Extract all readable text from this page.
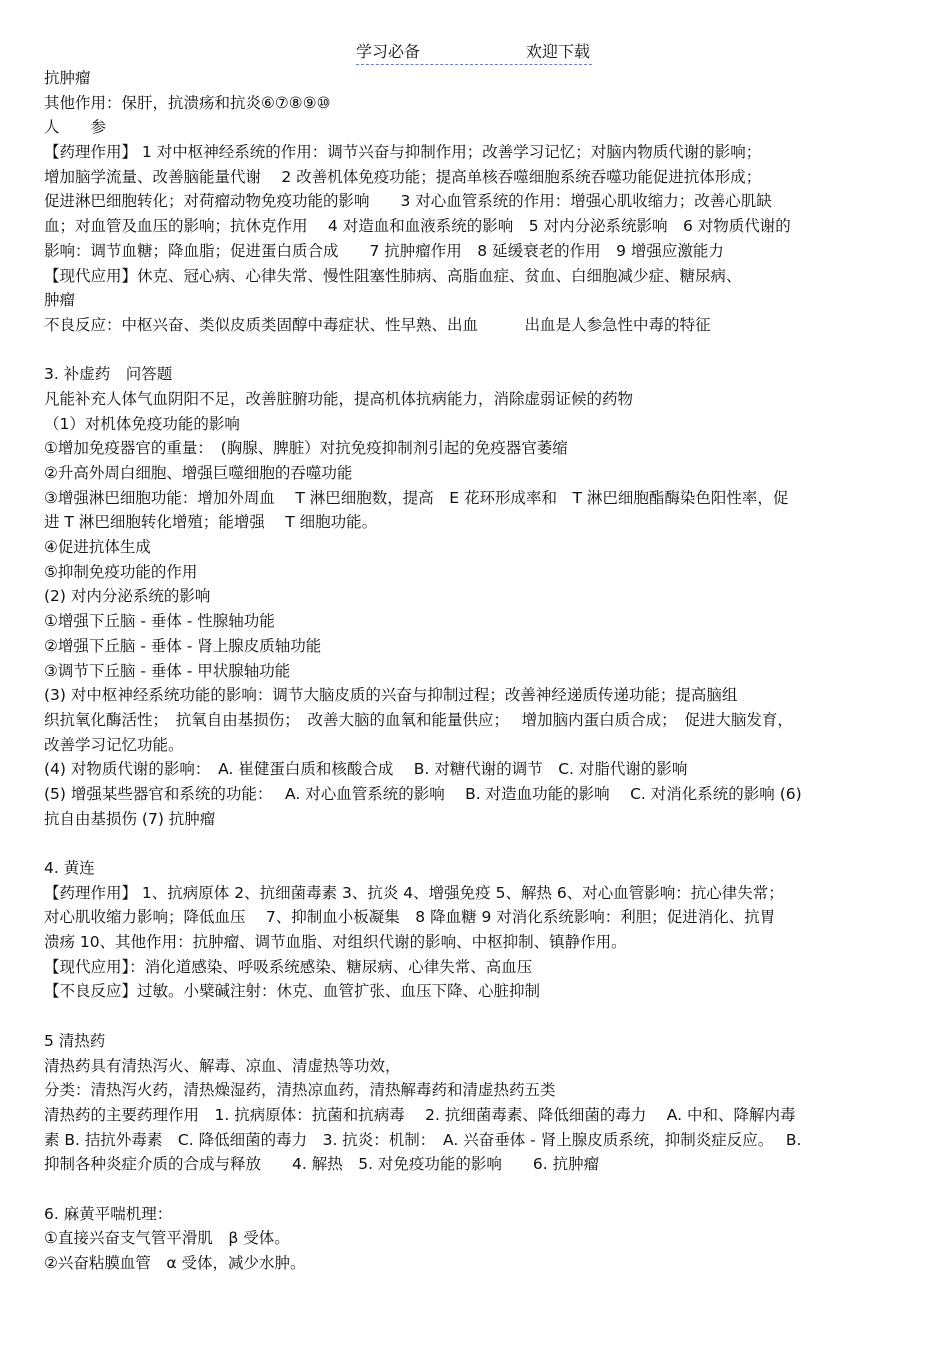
学习必备	欢迎下载
抗肿瘤
其他作用：保肝，抗溃疡和抗炎⑥⑦⑧⑨⑩
人　　参
【药理作用】 1 对中枢神经系统的作用：调节兴奋与抑制作用；改善学习记忆；对脑内物质代谢的影响；
增加脑学流量、改善脑能量代谢　 2 改善机体免疫功能；提高单核吞噬细胞系统吞噬功能促进抗体形成；
促进淋巴细胞转化；对荷瘤动物免疫功能的影响　　3 对心血管系统的作用：增强心肌收缩力；改善心肌缺
血；对血管及血压的影响；抗休克作用　 4 对造血和血液系统的影响　5 对内分泌系统影响　6 对物质代谢的
影响：调节血糖；降血脂；促进蛋白质合成　　7 抗肿瘤作用　8 延缓衰老的作用　9 增强应激能力
【现代应用】休克、冠心病、心律失常、慢性阻塞性肺病、高脂血症、贫血、白细胞减少症、糖尿病、
肿瘤
不良反应：中枢兴奋、类似皮质类固醇中毒症状、性早熟、出血　　　出血是人参急性中毒的特征
3. 补虚药　问答题
凡能补充人体气血阴阳不足，改善脏腑功能，提高机体抗病能力，消除虚弱证候的药物
（1）对机体免疫功能的影响
①增加免疫器官的重量：　(胸腺、脾脏）对抗免疫抑制剂引起的免疫器官萎缩
②升高外周白细胞、增强巨噬细胞的吞噬功能
③增强淋巴细胞功能：增加外周血　 T 淋巴细胞数，提高　E 花环形成率和　T 淋巴细胞酯酶染色阳性率，促
进 T 淋巴细胞转化增殖；能增强　 T 细胞功能。
④促进抗体生成
⑤抑制免疫功能的作用
(2) 对内分泌系统的影响
①增强下丘脑 - 垂体 - 性腺轴功能
②增强下丘脑 - 垂体 - 肾上腺皮质轴功能
③调节下丘脑 - 垂体 - 甲状腺轴功能
(3) 对中枢神经系统功能的影响：调节大脑皮质的兴奋与抑制过程；改善神经递质传递功能；提高脑组
织抗氧化酶活性；　抗氧自由基损伤；　改善大脑的血氧和能量供应；　 增加脑内蛋白质合成；　促进大脑发育，
改善学习记忆功能。
(4) 对物质代谢的影响：　A. 崔健蛋白质和核酸合成　 B. 对糖代谢的调节　C. 对脂代谢的影响
(5) 增强某些器官和系统的功能：　 A. 对心血管系统的影响　 B. 对造血功能的影响　 C. 对消化系统的影响 (6)
抗自由基损伤 (7) 抗肿瘤
4. 黄连
【药理作用】 1、抗病原体 2、抗细菌毒素 3、抗炎 4、增强免疫 5、解热 6、对心血管影响：抗心律失常；
对心肌收缩力影响；降低血压　 7、抑制血小板凝集　8 降血糖 9 对消化系统影响：利胆；促进消化、抗胃
溃疡 10、其他作用：抗肿瘤、调节血脂、对组织代谢的影响、中枢抑制、镇静作用。
【现代应用】：消化道感染、呼吸系统感染、糖尿病、心律失常、高血压
【不良反应】过敏。小檗碱注射：休克、血管扩张、血压下降、心脏抑制
5 清热药
清热药具有清热泻火、解毒、凉血、清虚热等功效，
分类：清热泻火药，清热燥湿药，清热凉血药，清热解毒药和清虚热药五类
清热药的主要药理作用　1. 抗病原体：抗菌和抗病毒　 2. 抗细菌毒素、降低细菌的毒力　 A. 中和、降解内毒
素 B. 拮抗外毒素　C. 降低细菌的毒力　3. 抗炎：机制：　A. 兴奋垂体 - 肾上腺皮质系统，抑制炎症反应。　 B.
抑制各种炎症介质的合成与释放　　4. 解热　5. 对免疫功能的影响　　6. 抗肿瘤
6. 麻黄平喘机理：
①直接兴奋支气管平滑肌　β 受体。
②兴奋粘膜血管　α 受体，减少水肿。
